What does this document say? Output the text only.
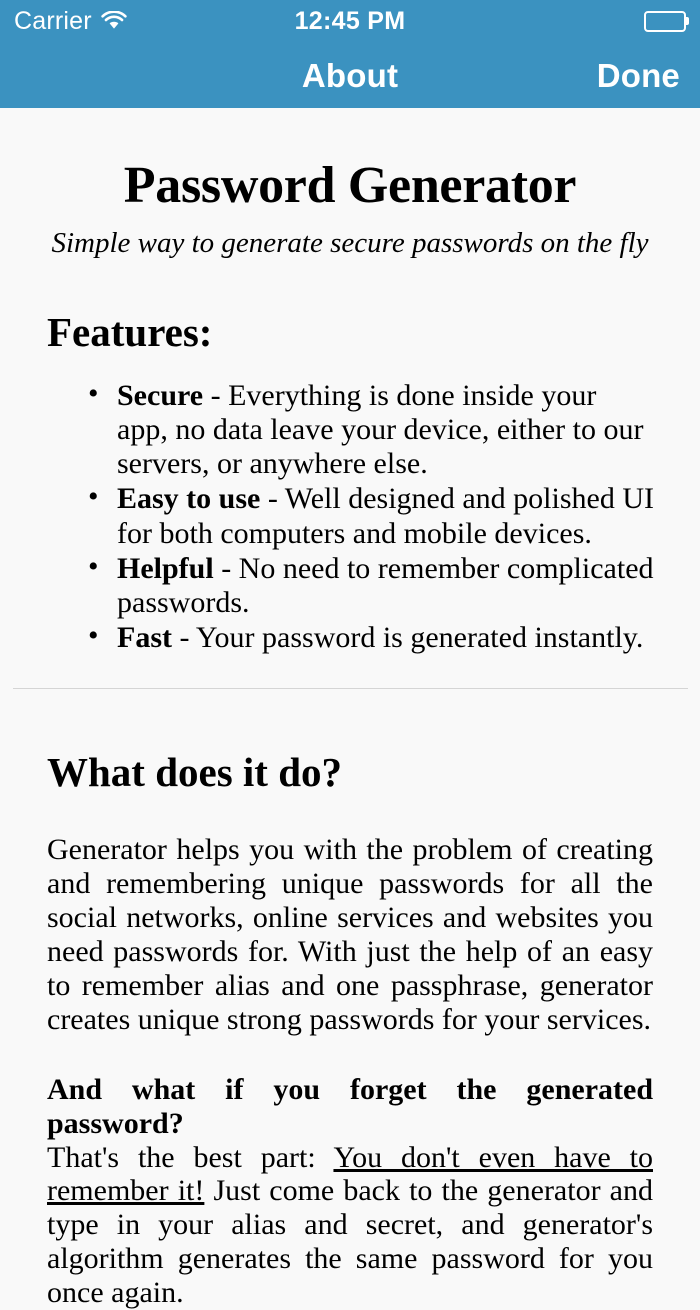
Carrier	12:45 PM
About	Done
Password Generator

Simple way to generate secure passwords on the fly

Features:
• Secure - Everything is done inside your app, no data leave your device, either to our servers, or anywhere else.
• Easy to use - Well designed and polished UI for both computers and mobile devices.
• Helpful - No need to remember complicated passwords.
• Fast - Your password is generated instantly.
What does it do?

Generator helps you with the problem of creating and remembering unique passwords for all the social networks, online services and websites you need passwords for. With just the help of an easy to remember alias and one passphrase, generator creates unique strong passwords for your services.

And what if you forget the generated password?
That's the best part: You don't even have to remember it! Just come back to the generator and type in your alias and secret, and generator's algorithm generates the same password for you once again.
